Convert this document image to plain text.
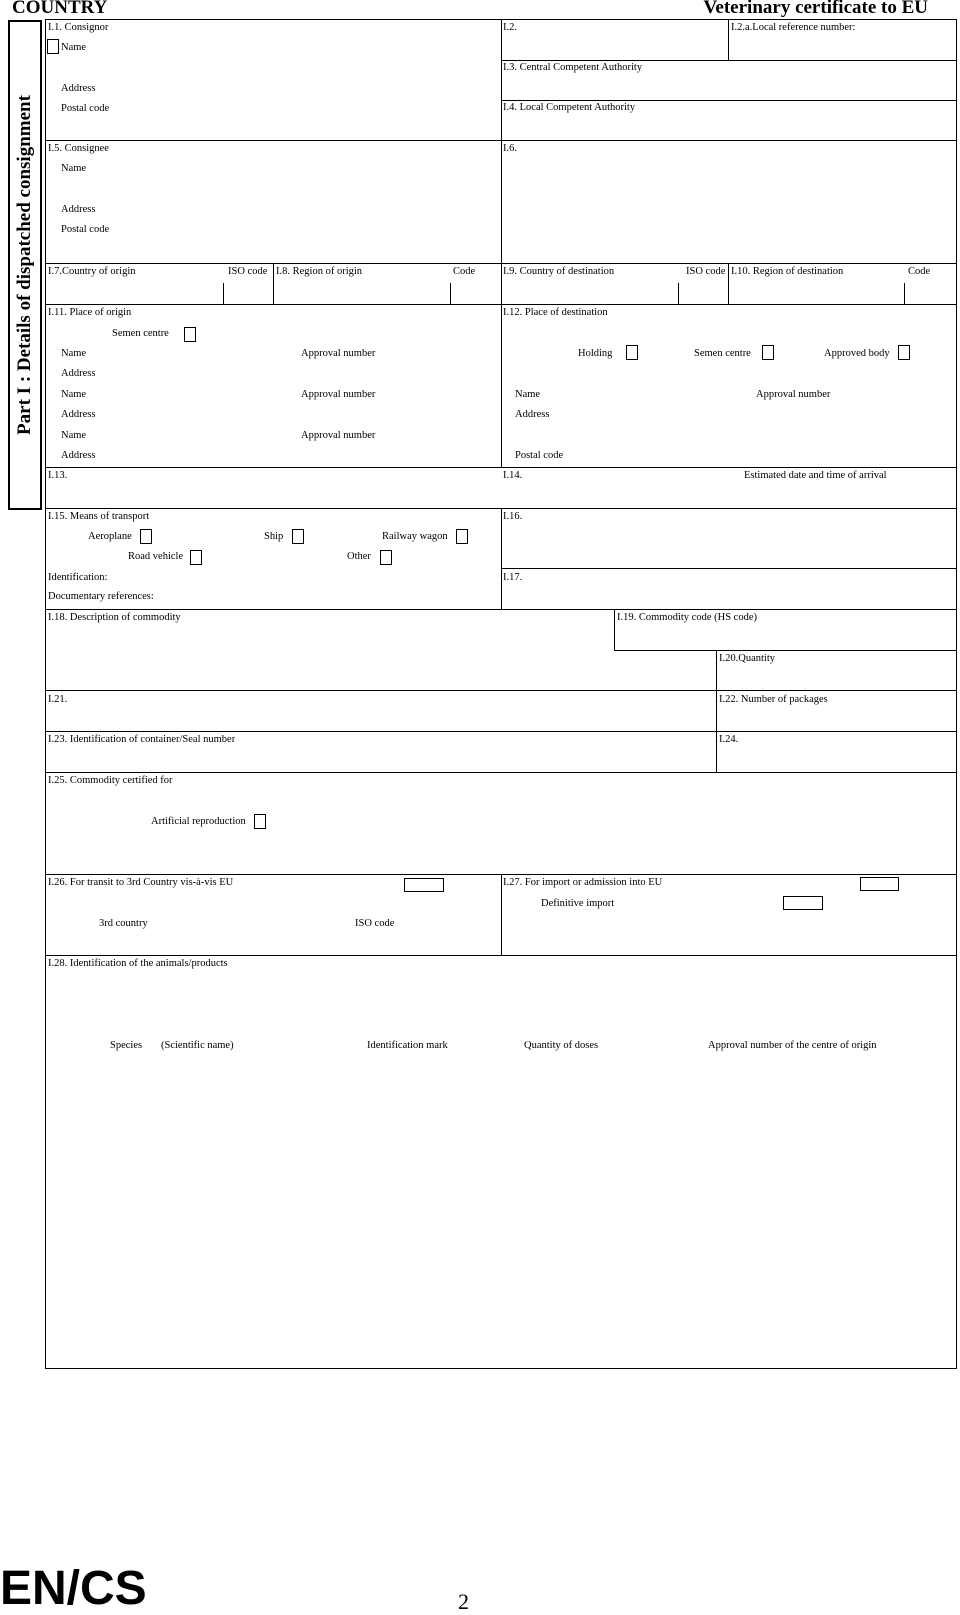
COUNTRY	Veterinary certificate to EU
Part I : Details of dispatched consignment
I.1. Consignor
Name
Address
Postal code
I.2.	I.2.a.Local reference number:
I.3. Central Competent Authority
I.4. Local Competent Authority
I.5. Consignee
Name
Address
Postal code
I.6.
I.7.Country of origin	ISO code I.8. Region of origin	Code	I.9. Country of destination	ISO code I.10. Region of destination	Code
I.11. Place of origin
Semen centre
Name	Approval number
Address
Name	Approval number
Address
Name	Approval number
Address
I.12. Place of destination
Holding	Semen centre	Approved body
Name	Approval number
Address
Postal code
I.13.	I.14.	Estimated date and time of arrival
I.15. Means of transport
Aeroplane	Ship	Railway wagon
Road vehicle	Other
Identification:
Documentary references:
I.16.
I.17.
I.18. Description of commodity	I.19. Commodity code (HS code)
I.20.Quantity
I.21.	I.22. Number of packages
I.23. Identification of container/Seal number	I.24.
I.25. Commodity certified for
Artificial reproduction
I.26. For transit to 3rd Country vis-à-vis EU
3rd country	ISO code
I.27. For import or admission into EU
Definitive import
I.28. Identification of the animals/products
Species (Scientific name)	Identification mark	Quantity of doses	Approval number of the centre of origin
EN/CS	2
